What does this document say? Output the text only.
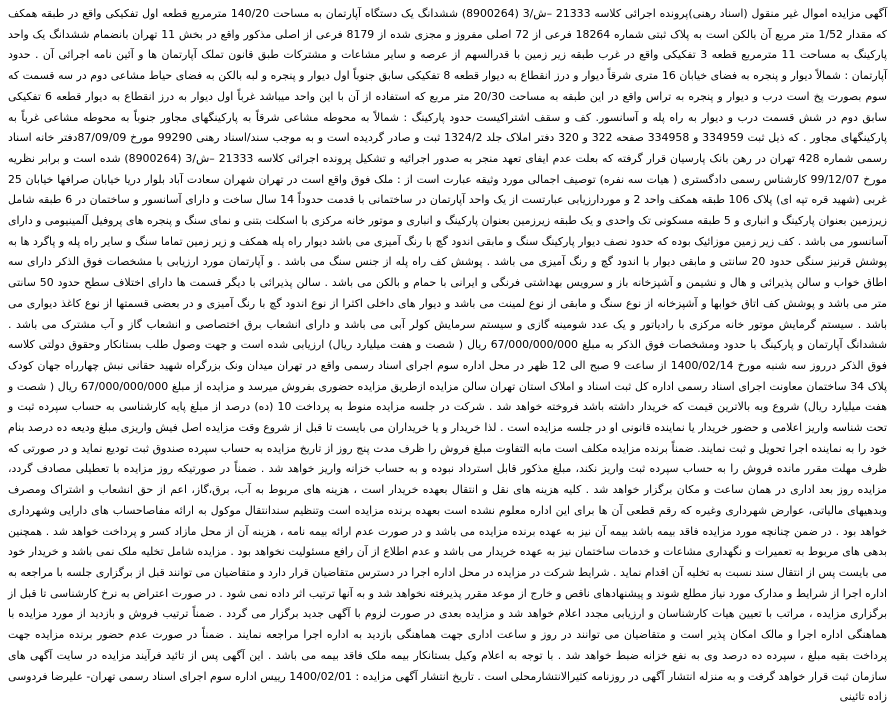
آگهی مزایده اموال غیر منقول (اسناد رهنی)پرونده اجرائی کلاسه 21333 –ش/3 (8900264) ششدانگ یک دستگاه آپارتمان به مساحت 140/20 مترمربع قطعه اول تفکیکی واقع در طبقه همکف که مقدار 1/52 متر مربع آن بالکن است به پلاک ثبتی شماره 18264 فرعی از 72 اصلی مفروز و مجزی شده از 8179 فرعی از اصلی مذکور واقع در بخش 11 تهران بانضمام ششدانگ یک واحد پارکینگ به مساحت 11 مترمربع قطعه 3 تفکیکی واقع در غرب طبقه زیر زمین با قدرالسهم از عرصه و سایر مشاعات و مشترکات طبق قانون تملک آپارتمان ها و آئین نامه اجرائی آن . حدود آپارتمان : شمالاً دیوار و پنجره به فضای خیابان 16 متری شرقاً دیوار و درز انقطاع به دیوار قطعه 8 تفکیکی سابق جنوباً اول دیوار و پنجره و لبه بالکن به فضای حیاط مشاعی دوم در سه قسمت که سوم بصورت پخ است درب و دیوار و پنجره به تراس واقع در این طبقه به مساحت 20/30 متر مربع که استفاده از آن با این واحد میباشد غرباً اول دیوار به درز انقطاع به دیوار قطعه 6 تفکیکی سابق دوم در شش قسمت درب و دیوار به راه پله و آسانسور. کف و سقف اشتراکیست حدود پارکینگ : شمالاً به محوطه مشاعی شرقاً به پارکینگهای مجاور جنوباً به محوطه مشاعی غرباً به پارکینگهای مجاور . که ذیل ثبت 334959 و 334958 صفحه 322 و 320 دفتر املاک جلد 1324/2 ثبت و صادر گردیده است و به موجب سند/اسناد رهنی 99290 مورخ 87/09/09دفتر خانه اسناد رسمی شماره 428 تهران در رهن بانک پارسیان قرار گرفته که بعلت عدم ایفای تعهد منجر به صدور اجرائیه و تشکیل پرونده اجرائی کلاسه 21333 –ش/3 (8900264) شده است و برابر نظریه مورخ 99/12/07 کارشناس رسمی دادگستری ( هیات سه نفره) توصیف اجمالی مورد وثیقه عبارت است از : ملک فوق واقع است در تهران شهران سعادت آباد بلوار دریا خیابان صرافها خیابان 25 غربی (شهید قره تپه ای) پلاک 106 طبقه همکف واحد 2 و موردارزیابی عبارتست از یک واحد آپارتمان در ساختمانی با قدمت حدوداً 14 سال ساخت و دارای آسانسور و ساختمان در 6 طبقه شامل زیرزمین بعنوان پارکینگ و انباری و 5 طبقه مسکونی تک واحدی و یک طبقه زیرزمین بعنوان پارکینگ و انباری و موتور خانه مرکزی با اسکلت بتنی و نمای سنگ و پنجره های پروفیل آلمینیومی و دارای آسانسور می باشد . کف زیر زمین موزائیک بوده که حدود نصف دیوار پارکینگ سنگ و مابقی اندود گچ با رنگ آمیزی می باشد دیوار راه پله همکف و زیر زمین تماما سنگ و سایر راه پله و پاگرد ها به پوشش قرنیز سنگی حدود 20 سانتی و مابقی دیوار با اندود گچ و رنگ آمیزی می باشد . پوشش کف راه پله از جنس سنگ می باشد . و آپارتمان مورد ارزیابی با مشخصات فوق الذکر دارای سه اطاق خواب و سالن پذیرائی و هال و نشیمن و آشپزخانه باز و سرویس بهداشتی فرنگی و ایرانی با حمام و بالکن می باشد . سالن پذیرائی با دیگر قسمت ها دارای اختلاف سطح حدود 50 سانتی متر می باشد و پوشش کف اتاق خوابها و آشپزخانه از نوع سنگ و مابقی از نوع لمینت می باشد و دیوار های داخلی اکثرا از نوع اندود گچ با رنگ آمیزی و در بعضی قسمتها از نوع کاغذ دیواری می باشد . سیستم گرمایش موتور خانه مرکزی با رادیاتور و یک عدد شومینه گازی و سیستم سرمایش کولر آبی می باشد و دارای انشعاب برق اختصاصی و انشعاب گاز و آب مشترک می باشد . ششدانگ آپارتمان و پارکینگ با حدود ومشخصات فوق الذکر به مبلغ 67/000/000/000 ریال ( شصت و هفت میلیارد ریال) ارزیابی شده است و جهت وصول طلب بستانکار وحقوق دولتی کلاسه فوق الذکر درروز سه شنبه مورخ 1400/02/14 از ساعت 9 صبح الی 12 ظهر در محل اداره سوم اجرای اسناد رسمی واقع در تهران میدان ونک بزرگراه شهید حقانی نبش چهارراه جهان کودک پلاک 34 ساختمان معاونت اجرای اسناد رسمی اداره کل ثبت اسناد و املاک استان تهران سالن مزایده ازطریق مزایده حضوری بفروش میرسد و مزایده از مبلغ 67/000/000/000 ریال ( شصت و هفت میلیارد ریال) شروع وبه بالاترین قیمت که خریدار داشته باشد فروخته خواهد شد . شرکت در جلسه مزایده منوط به پرداخت 10 (ده) درصد از مبلغ پایه کارشناسی به حساب سپرده ثبت و تحت شناسه واریز اعلامی و حضور خریدار یا نماینده قانونی او در جلسه مزایده است . لذا خریدار و یا خریداران می بایست تا قبل از شروع وقت مزایده اصل فیش واریزی مبلغ ودیعه ده درصد بنام خود را به نماینده اجرا تحویل و ثبت نمایند. ضمناً برنده مزایده مکلف است مابه التفاوت مبلغ فروش را ظرف مدت پنج روز از تاریخ مزایده به حساب سپرده صندوق ثبت تودیع نماید و در صورتی که ظرف مهلت مقرر مانده فروش را به حساب سپرده ثبت واریز نکند، مبلغ مذکور قابل استرداد نبوده و به حساب خزانه واریز خواهد شد . ضمناً در صورتیکه روز مزایده با تعطیلی مصادف گردد، مزایده روز بعد اداری در همان ساعت و مکان برگزار خواهد شد . کلیه هزینه های نقل و انتقال بعهده خریدار است ، هزینه های مربوط به آب، برق،گاز، اعم از حق انشعاب و اشتراک ومصرف وبدهیهای مالیاتی، عوارض شهرداری وغیره که رقم قطعی آن ها برای این اداره معلوم نشده است بعهده برنده مزایده است وتنظیم سندانتقال موکول به ارائه مفاصاحساب های دارایی وشهرداری خواهد بود . در ضمن چنانچه مورد مزایده فاقد بیمه باشد بیمه آن نیز به عهده برنده مزایده می باشد و در صورت عدم ارائه بیمه نامه ، هزینه آن از محل مازاد کسر و پرداخت خواهد شد . همچنین بدهی های مربوط به تعمیرات و نگهداری مشاعات و خدمات ساختمان نیز به عهده خریدار می باشد و عدم اطلاع از آن رافع مسئولیت نخواهد بود . مزایده شامل تخلیه ملک نمی باشد و خریدار خود می بایست پس از انتقال سند نسبت به تخلیه آن اقدام نماید . شرایط شرکت در مزایده در محل اداره اجرا در دسترس متقاضیان قرار دارد و متقاضیان می توانند قبل از برگزاری جلسه با مراجعه به اداره اجرا از شرایط و مدارک مورد نیاز مطلع شوند و پیشنهادهای ناقص و خارج از موعد مقرر پذیرفته نخواهد شد و به آنها ترتیب اثر داده نمی شود . در صورت اعتراض به نرخ کارشناسی تا قبل از برگزاری مزایده ، مراتب با تعیین هیات کارشناسان و ارزیابی مجدد اعلام خواهد شد و مزایده بعدی در صورت لزوم با آگهی جدید برگزار می گردد . ضمناً ترتیب فروش و بازدید از مورد مزایده با هماهنگی اداره اجرا و مالک امکان پذیر است و متقاضیان می توانند در روز و ساعت اداری جهت هماهنگی بازدید به اداره اجرا مراجعه نمایند . ضمناً در صورت عدم حضور برنده مزایده جهت پرداخت بقیه مبلغ ، سپرده ده درصد وی به نفع خزانه ضبط خواهد شد . با توجه به اعلام وکیل بستانکار بیمه ملک فاقد بیمه می باشد . این آگهی پس از تائید فرآیند مزایده در سایت آگهی های سازمان ثبت قرار خواهد گرفت و به منزله انتشار آگهی در روزنامه کثیرالانتشارمحلی است . تاریخ انتشار آگهی مزایده : 1400/02/01 رییس اداره سوم اجرای اسناد رسمی تهران- علیرضا فردوسی زاده تائینی
